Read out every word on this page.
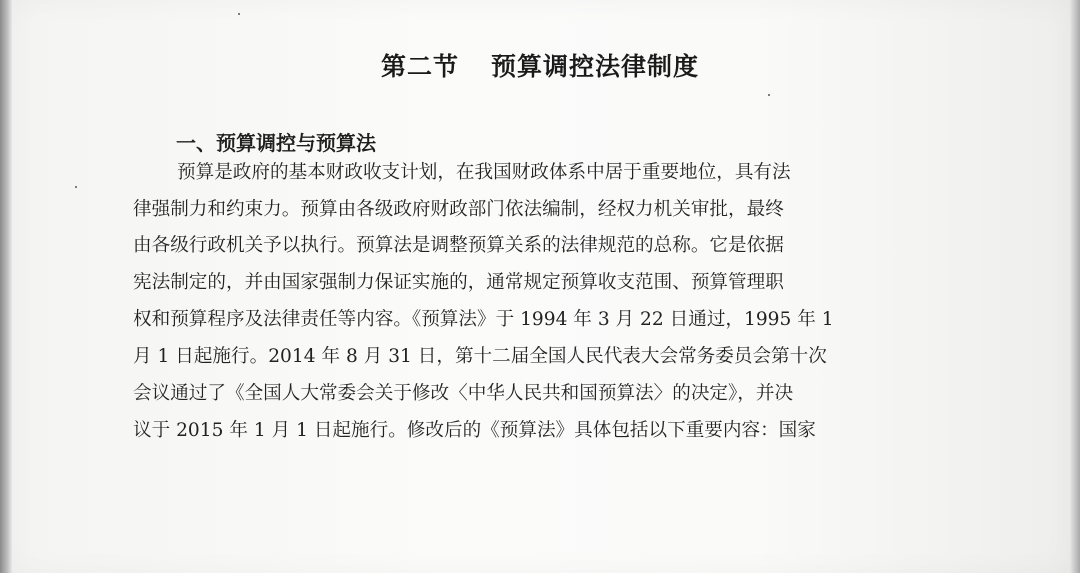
第二节 预算调控法律制度
一、预算调控与预算法
预算是政府的基本财政收支计划，在我国财政体系中居于重要地位，具有法
律强制力和约束力。预算由各级政府财政部门依法编制，经权力机关审批，最终
由各级行政机关予以执行。预算法是调整预算关系的法律规范的总称。它是依据
宪法制定的，并由国家强制力保证实施的，通常规定预算收支范围、预算管理职
权和预算程序及法律责任等内容。《预算法》于 1994 年 3 月 22 日通过，1995 年 1
月 1 日起施行。2014 年 8 月 31 日，第十二届全国人民代表大会常务委员会第十次
会议通过了《全国人大常委会关于修改〈中华人民共和国预算法〉的决定》，并决
议于 2015 年 1 月 1 日起施行。修改后的《预算法》具体包括以下重要内容：国家
